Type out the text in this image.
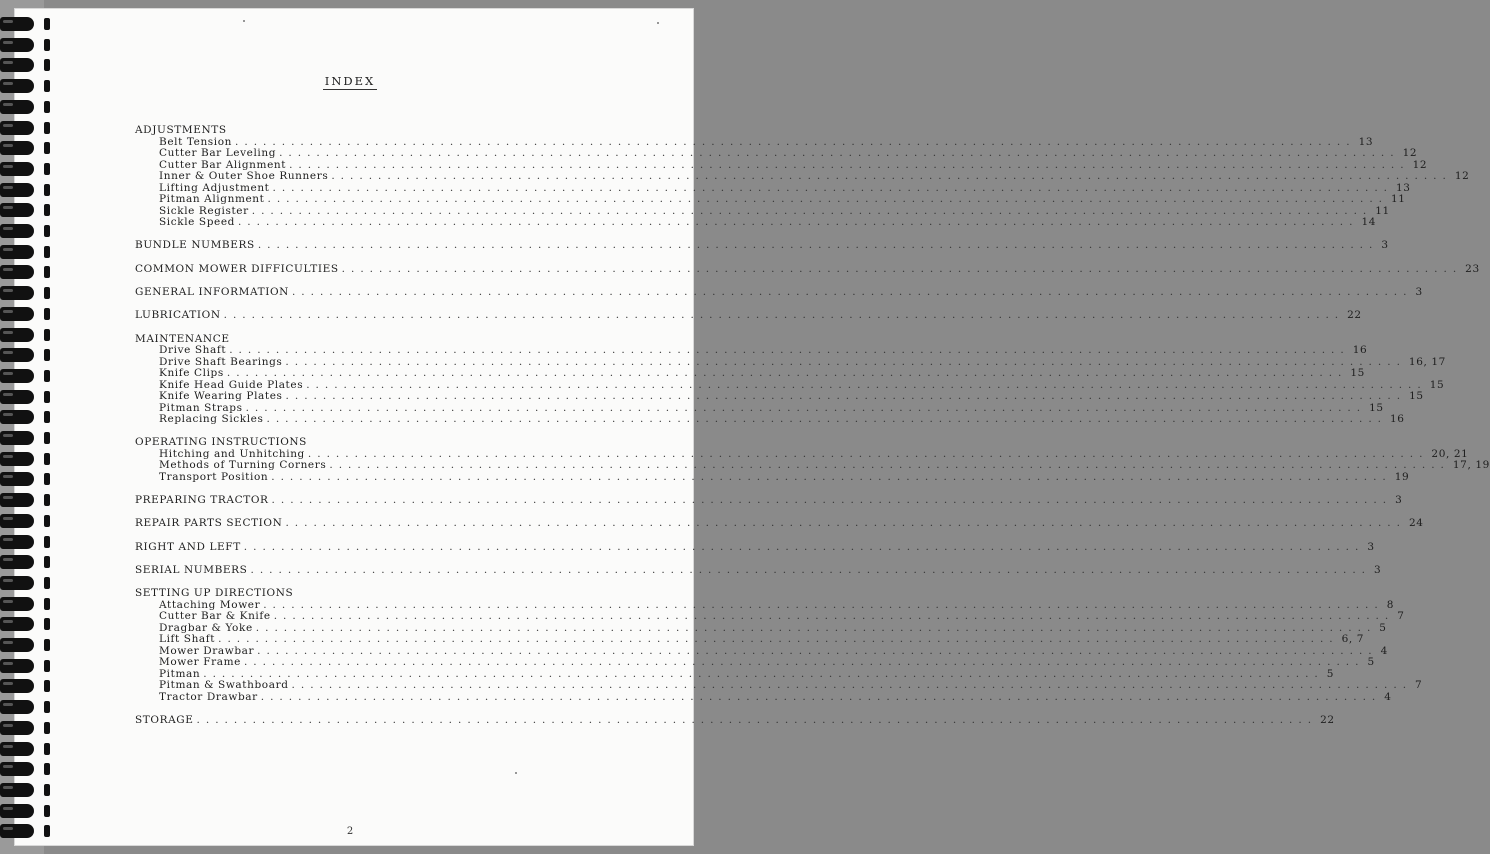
INDEX
ADJUSTMENTS
Belt Tension ........................................................................................................................ 13
Cutter Bar Leveling ........................................................................................................................ 12
Cutter Bar Alignment ........................................................................................................................ 12
Inner & Outer Shoe Runners ........................................................................................................................ 12
Lifting Adjustment ........................................................................................................................ 13
Pitman Alignment ........................................................................................................................ 11
Sickle Register ........................................................................................................................ 11
Sickle Speed ........................................................................................................................ 14
BUNDLE NUMBERS ........................................................................................................................ 3
COMMON MOWER DIFFICULTIES ........................................................................................................................ 23
GENERAL INFORMATION ........................................................................................................................ 3
LUBRICATION ........................................................................................................................ 22
MAINTENANCE
Drive Shaft ........................................................................................................................ 16
Drive Shaft Bearings ........................................................................................................................ 16, 17
Knife Clips ........................................................................................................................ 15
Knife Head Guide Plates ........................................................................................................................ 15
Knife Wearing Plates ........................................................................................................................ 15
Pitman Straps ........................................................................................................................ 15
Replacing Sickles ........................................................................................................................ 16
OPERATING INSTRUCTIONS
Hitching and Unhitching ........................................................................................................................ 20, 21
Methods of Turning Corners ........................................................................................................................ 17, 19
Transport Position ........................................................................................................................ 19
PREPARING TRACTOR ........................................................................................................................ 3
REPAIR PARTS SECTION ........................................................................................................................ 24
RIGHT AND LEFT ........................................................................................................................ 3
SERIAL NUMBERS ........................................................................................................................ 3
SETTING UP DIRECTIONS
Attaching Mower ........................................................................................................................ 8
Cutter Bar & Knife ........................................................................................................................ 7
Dragbar & Yoke ........................................................................................................................ 5
Lift Shaft ........................................................................................................................ 6, 7
Mower Drawbar ........................................................................................................................ 4
Mower Frame ........................................................................................................................ 5
Pitman ........................................................................................................................ 5
Pitman & Swathboard ........................................................................................................................ 7
Tractor Drawbar ........................................................................................................................ 4
STORAGE ........................................................................................................................ 22
2
